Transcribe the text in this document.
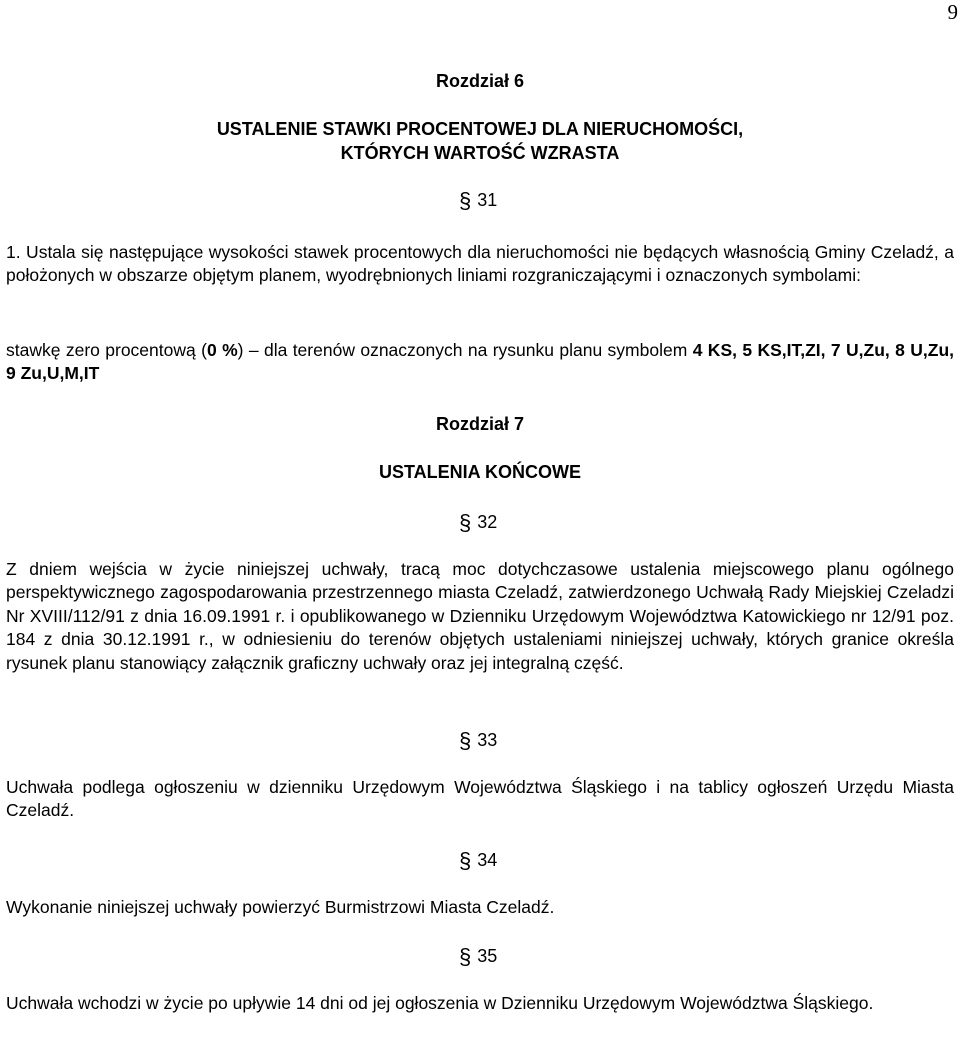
9
Rozdział 6
USTALENIE STAWKI PROCENTOWEJ DLA NIERUCHOMOŚCI,
KTÓRYCH WARTOŚĆ WZRASTA
§ 31

1. Ustala się następujące wysokości stawek procentowych dla nieruchomości nie będących własnością Gminy Czeladź, a położonych w obszarze objętym planem, wyodrębnionych liniami rozgraniczającymi i oznaczonych symbolami:

stawkę zero procentową (0 %) – dla terenów oznaczonych na rysunku planu symbolem 4 KS, 5 KS,IT,ZI, 7 U,Zu, 8 U,Zu, 9 Zu,U,M,IT

Rozdział 7
USTALENIA KOŃCOWE
§ 32

Z dniem wejścia w życie niniejszej uchwały, tracą moc dotychczasowe ustalenia miejscowego planu ogólnego perspektywicznego zagospodarowania przestrzennego miasta Czeladź, zatwierdzonego Uchwałą Rady Miejskiej Czeladzi Nr XVIII/112/91 z dnia 16.09.1991 r. i opublikowanego w Dzienniku Urzędowym Województwa Katowickiego nr 12/91 poz. 184 z dnia 30.12.1991 r., w odniesieniu do terenów objętych ustaleniami niniejszej uchwały, których granice określa rysunek planu stanowiący załącznik graficzny uchwały oraz jej integralną część.

§ 33

Uchwała podlega ogłoszeniu w dzienniku Urzędowym Województwa Śląskiego i na tablicy ogłoszeń Urzędu Miasta Czeladź.

§ 34

Wykonanie niniejszej uchwały powierzyć Burmistrzowi Miasta Czeladź.

§ 35

Uchwała wchodzi w życie po upływie 14 dni od jej ogłoszenia w Dzienniku Urzędowym Województwa Śląskiego.
